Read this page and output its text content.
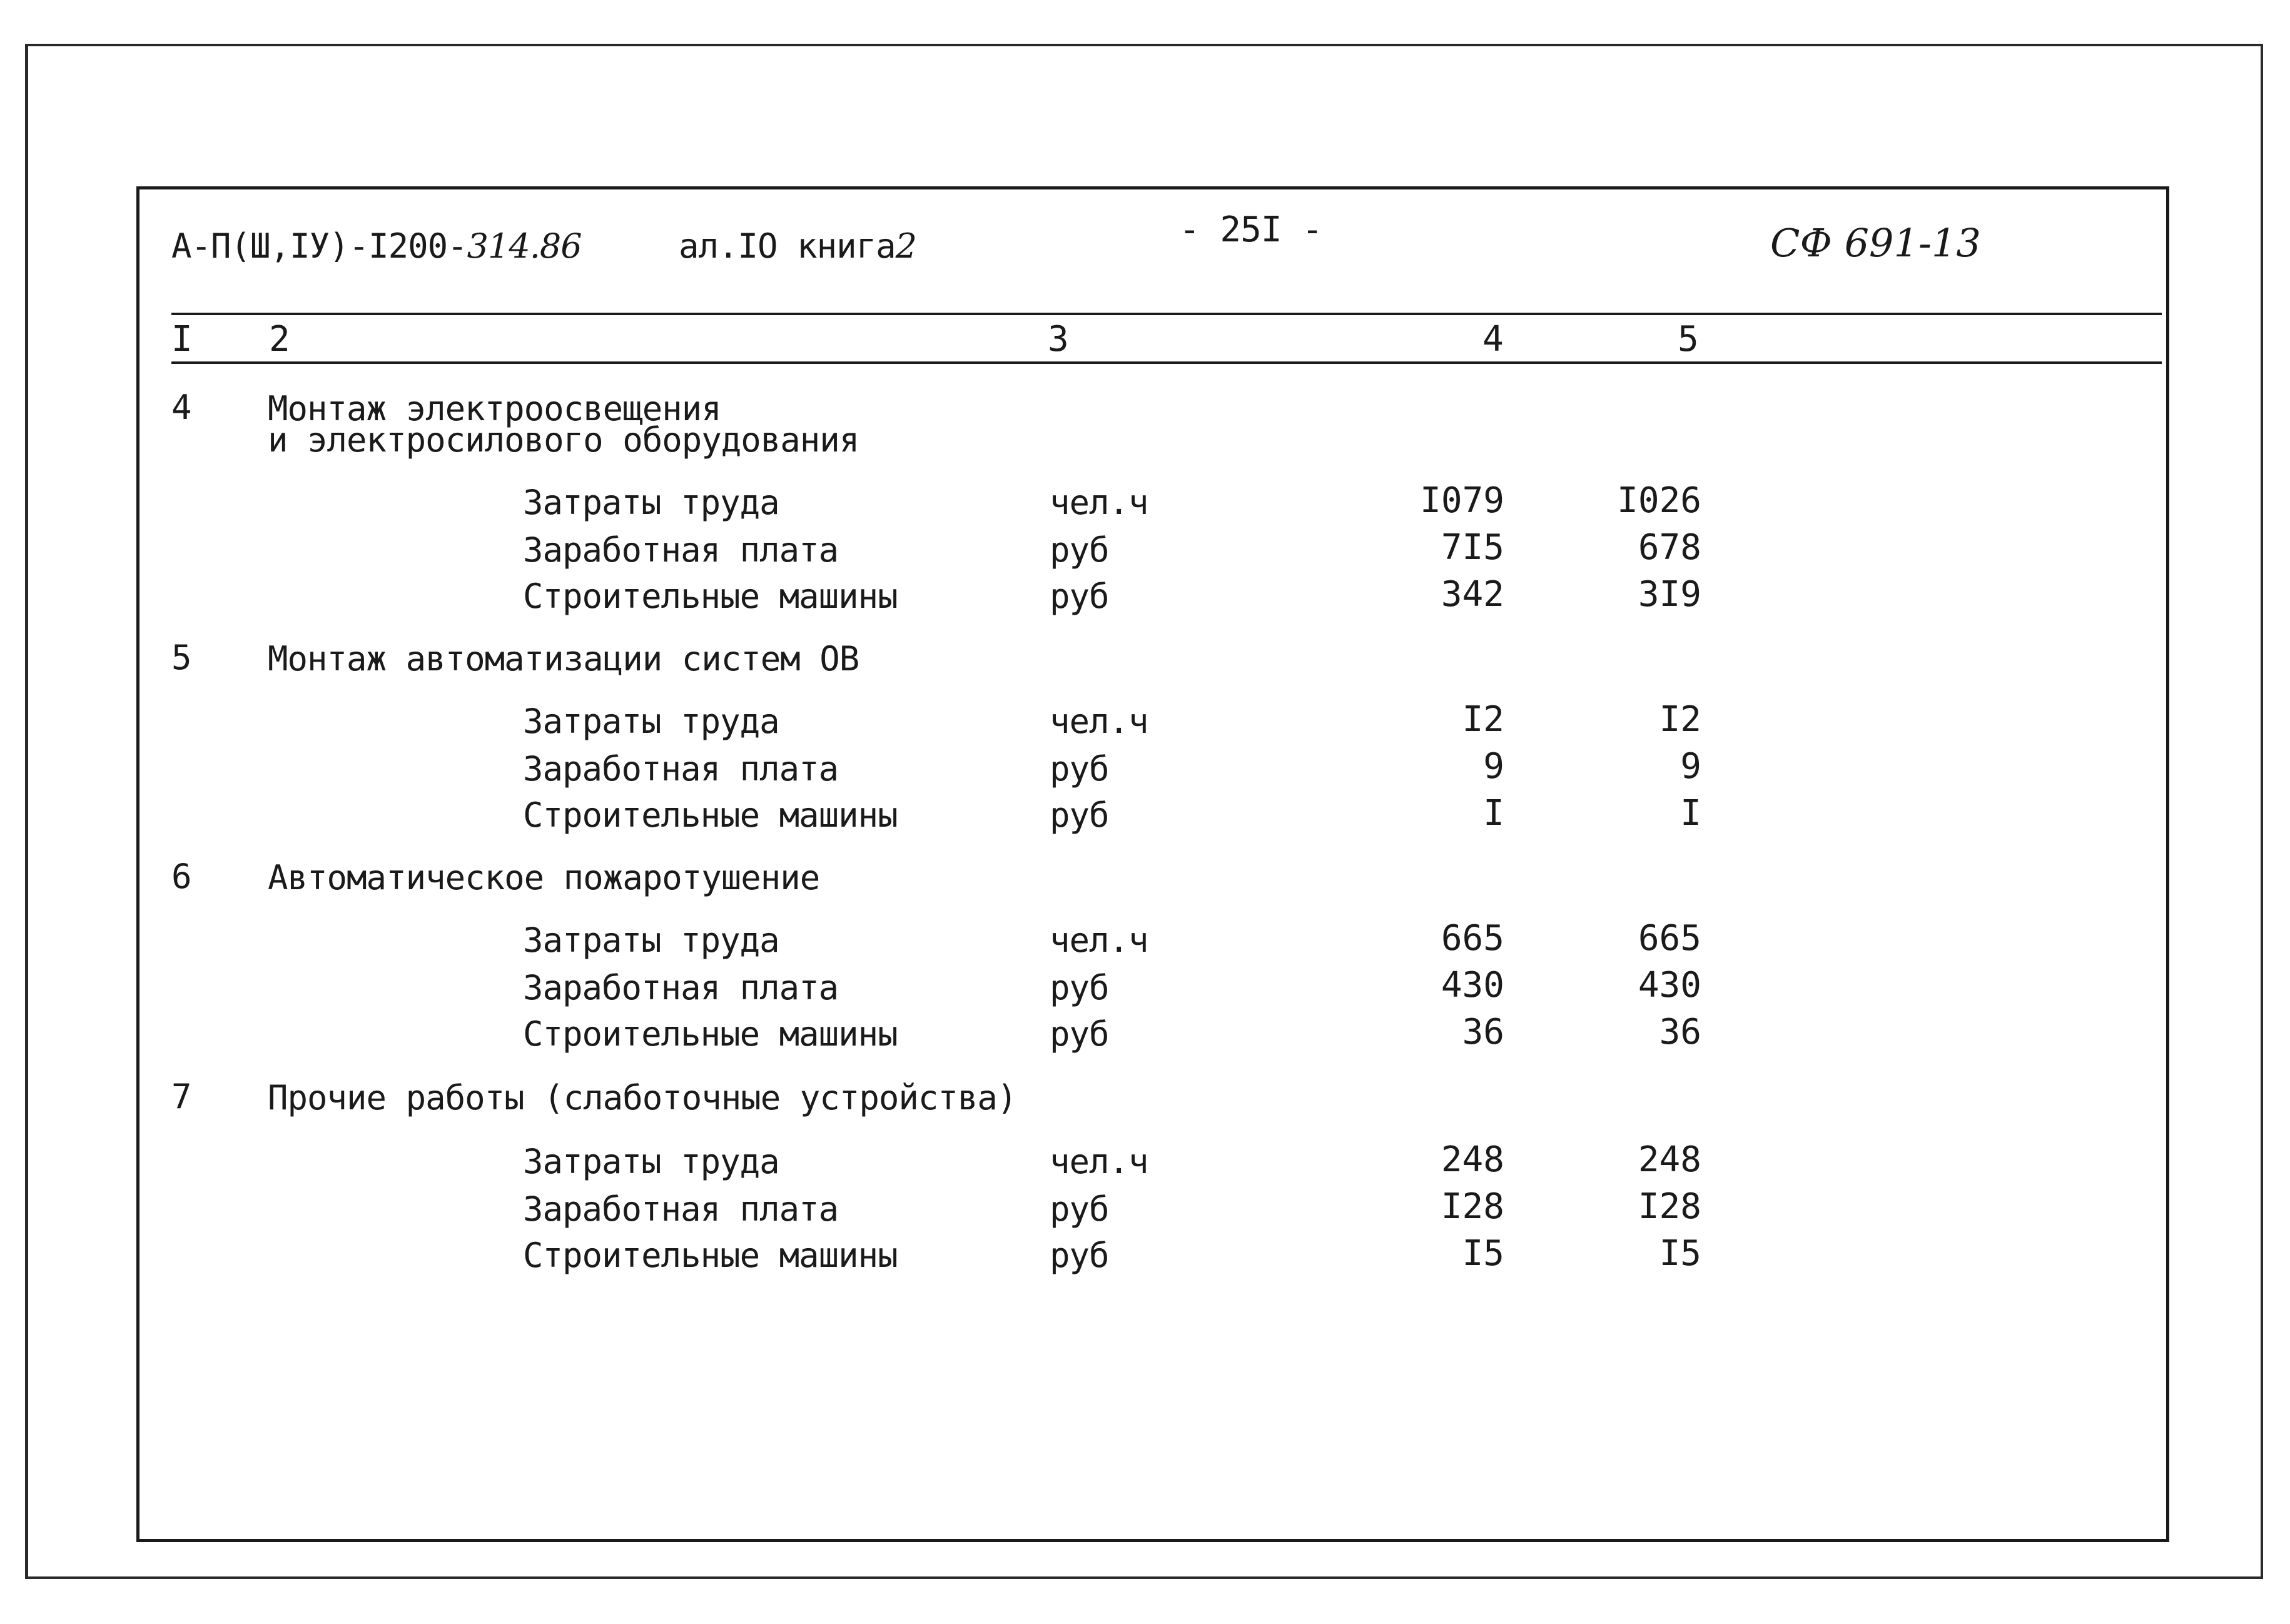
А-П(Ш,IУ)-I200-314.86	ал.IO книга2	- 25I -	СФ 691-13
I 2	3	4	5
4 Монтаж электроосвещения
и электросилового оборудования
Затраты труда	чел.ч	I079	I026
Заработная плата	руб	7I5	678
Строительные машины	руб	342	3I9
5 Монтаж автоматизации систем ОВ
Затраты труда	чел.ч	I2	I2
Заработная плата	руб	9	9
Строительные машины	руб	I	I
6 Автоматическое пожаротушение
Затраты труда	чел.ч	665	665
Заработная плата	руб	430	430
Строительные машины	руб	36	36
7 Прочие работы (слаботочные устройства)
Затраты труда	чел.ч	248	248
Заработная плата	руб	I28	I28
Строительные машины	руб	I5	I5
